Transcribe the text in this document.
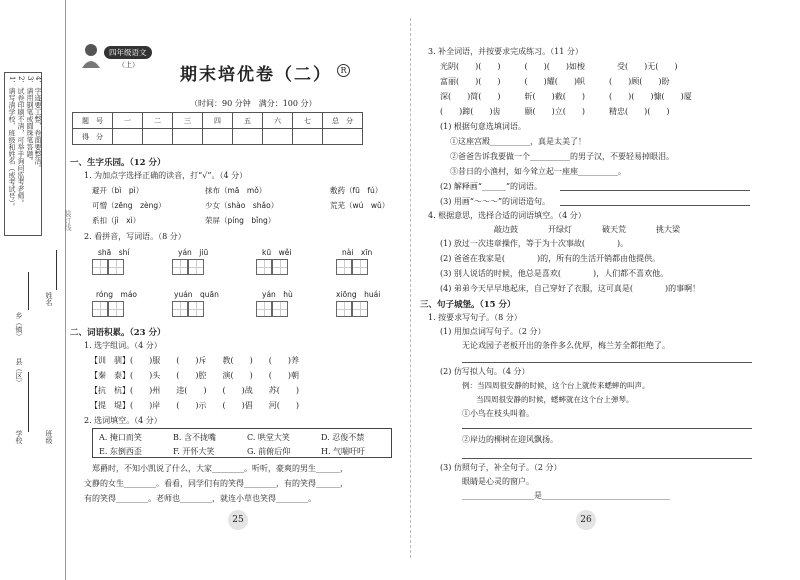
1．请写清学校、班级和姓名（或考试号）。 2．试卷印刷不清，可举手询问监考老师。 3．请用钢笔或圆珠笔答题。 4．字迹要工整，卷面要整洁。
学校
县（区）
乡（镇）
班级
姓名
装订线
四年级语文
（上） 期末培优卷（二）	R
（时间：90 分钟　满分：100 分）
题　号	一	二	三	四	五	六	七	总　分
得　分								
一、生字乐园。（12 分）
1. 为加点字选择正确的读音，打“√”。（4 分）
避开（bì　pì）	抹布（mā　mǒ）	敷药（fū　fú）
可憎（zēng　zèng）	少女（shào　shǎo）	荒芜（wú　wǔ）
系扣（jì　xì）	荣屏（píng　bǐng）
2. 看拼音，写词语。（8 分）
shā　shí	yán　jiū	kū　wěi	nài　xīn
róng　máo	yuán　quān	yán　hù	xiōng　huái
二、词语积累。（23 分）
1. 选字组词。（4 分）
【训　驯】(　　)服　　(　　)斥　　教(　　)　　(　　)养
【秦　泰】(　　)头　　(　　)腔　　演(　　)　　(　　)朝
【抗　杭】(　　)州　　违(　　)　　(　　)战　　苏(　　)
【提　堤】(　　)岸　　(　　)示　　(　　)倡　　河(　　)
2. 选词填空。（4 分）
A. 掩口而笑	B. 含不拢嘴	C. 哄堂大笑	D. 忍俊不禁
E. 东倒西歪	F. 开怀大笑	G. 前俯后仰	H. 气喘吁吁
　郑爵时，不知小凯说了什么，大家________。听听，豪爽的男生______，
文静的女生________。看看，同学们有的笑得________，有的笑得______，
有的笑得________。老师也________，就连小草也笑得________。
25
3. 补全词语，并按要求完成练习。（11 分）
光阴(　　)(　　)　　　(　　)(　　)如梭　　　　受(　　)无(　　)
富丽(　　)(　　)　　　(　　)耀(　　)帜　　　(　　)顾(　　)盼
深(　　)简(　　)　　　斩(　　)截(　　)　　　(　　)(　　)慷(　　)厦
(　　)蹄(　　)齿　　　颐(　　)立(　　)　　　精忠(　　)(　　)
(1) 根据句意选填词语。
①这座宫殿__________，真是太美了！
②爸爸告诉我要做一个__________的男子汉，不要轻易掉眼泪。
③昔日的小渔村，如今耸立起一座座__________。
(2) 解释画“______”的词语。
(3) 用画“～～～”的词语造句。
4. 根据意思，选择合适的词语填空。（4 分）
敲边鼓	开绿灯	破天荒	挑大梁
(1) 放过一次违章操作，等于为十次事故(　　　　)。
(2) 爸爸在我家是(　　　　)的，所有的生活开销都由他提供。
(3) 别人说话的时候，他总是喜欢(　　　　)，人们都不喜欢他。
(4) 弟弟今天早早地起床，自己穿好了衣服，这可真是(　　　　)的事啊！
三、句子城堡。（15 分）
1. 按要求写句子。（8 分）
(1) 用加点词写句子。（2 分）
无论戏园子老板开出的条件多么优厚，梅兰芳全都拒绝了。
(2) 仿写拟人句。（4 分）
例：当四周很安静的时候，这个台上就传来蟋蟀的叫声。
当四周很安静的时候，蟋蟀就在这个台上弹琴。
①小鸟在枝头叫着。
②岸边的柳树在迎风飘扬。
(3) 仿照句子，补全句子。（2 分）
眼睛是心灵的窗户。
__________________是________________________________
26
